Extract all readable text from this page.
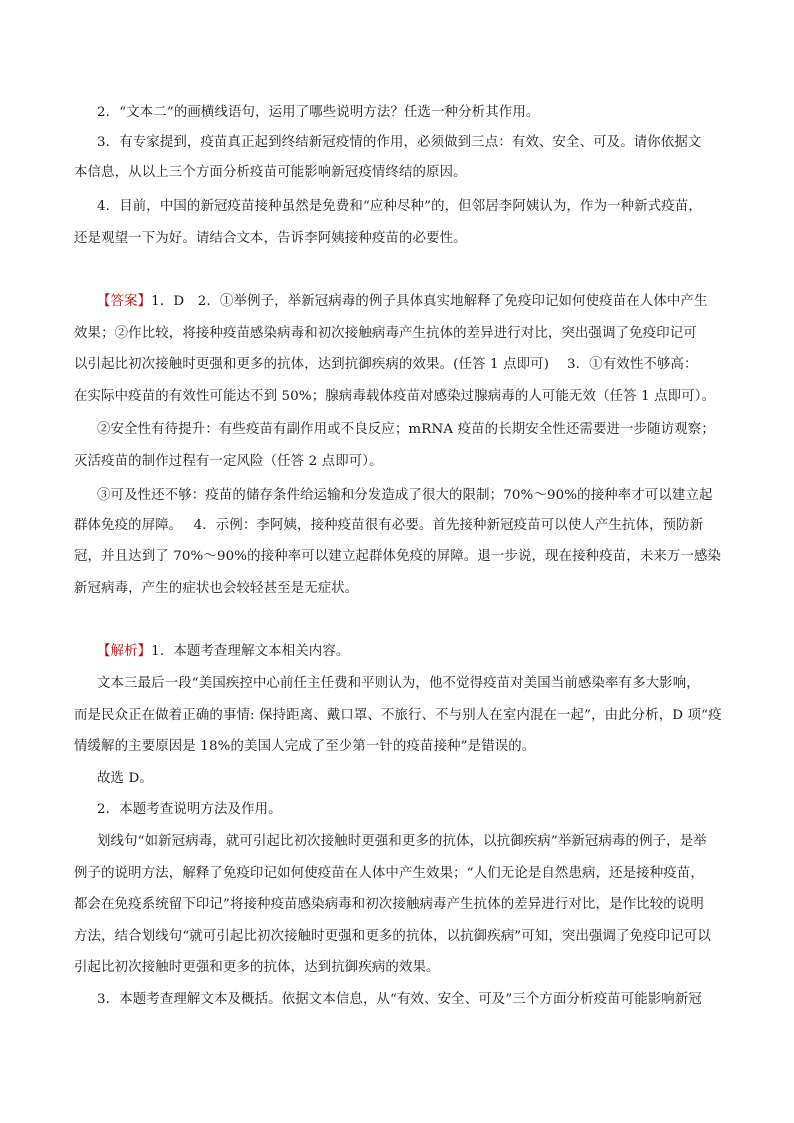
2．“文本二”的画横线语句，运用了哪些说明方法？任选一种分析其作用。
3．有专家提到，疫苗真正起到终结新冠疫情的作用，必须做到三点：有效、安全、可及。请你依据文
本信息，从以上三个方面分析疫苗可能影响新冠疫情终结的原因。
4．目前，中国的新冠疫苗接种虽然是免费和“应种尽种”的，但邻居李阿姨认为，作为一种新式疫苗，
还是观望一下为好。请结合文本，告诉李阿姨接种疫苗的必要性。
【答案】1．D　2．①举例子，举新冠病毒的例子具体真实地解释了免疫印记如何使疫苗在人体中产生
效果；②作比较，将接种疫苗感染病毒和初次接触病毒产生抗体的差异进行对比，突出强调了免疫印记可
以引起比初次接触时更强和更多的抗体，达到抗御疾病的效果。(任答 1 点即可)　 3．①有效性不够高：
在实际中疫苗的有效性可能达不到 50%；腺病毒载体疫苗对感染过腺病毒的人可能无效（任答 1 点即可）。
②安全性有待提升：有些疫苗有副作用或不良反应；mRNA 疫苗的长期安全性还需要进一步随访观察；
灭活疫苗的制作过程有一定风险（任答 2 点即可）。
③可及性还不够：疫苗的储存条件给运输和分发造成了很大的限制；70%～90%的接种率才可以建立起
群体免疫的屏障。　 4．示例：李阿姨，接种疫苗很有必要。首先接种新冠疫苗可以使人产生抗体，预防新
冠，并且达到了 70%～90%的接种率可以建立起群体免疫的屏障。退一步说，现在接种疫苗，未来万一感染
新冠病毒，产生的症状也会较轻甚至是无症状。
【解析】1．本题考查理解文本相关内容。
文本三最后一段“美国疾控中心前任主任费和平则认为，他不觉得疫苗对美国当前感染率有多大影响，
而是民众正在做着正确的事情: 保持距离、戴口罩、不旅行、不与别人在室内混在一起”，由此分析，D 项“疫
情缓解的主要原因是 18%的美国人完成了至少第一针的疫苗接种”是错误的。
故选 D。
2．本题考查说明方法及作用。
划线句“如新冠病毒，就可引起比初次接触时更强和更多的抗体，以抗御疾病”举新冠病毒的例子，是举
例子的说明方法，解释了免疫印记如何使疫苗在人体中产生效果；“人们无论是自然患病，还是接种疫苗，
都会在免疫系统留下印记”将接种疫苗感染病毒和初次接触病毒产生抗体的差异进行对比，是作比较的说明
方法，结合划线句“就可引起比初次接触时更强和更多的抗体，以抗御疾病”可知，突出强调了免疫印记可以
引起比初次接触时更强和更多的抗体，达到抗御疾病的效果。
3．本题考查理解文本及概括。依据文本信息，从“有效、安全、可及”三个方面分析疫苗可能影响新冠
